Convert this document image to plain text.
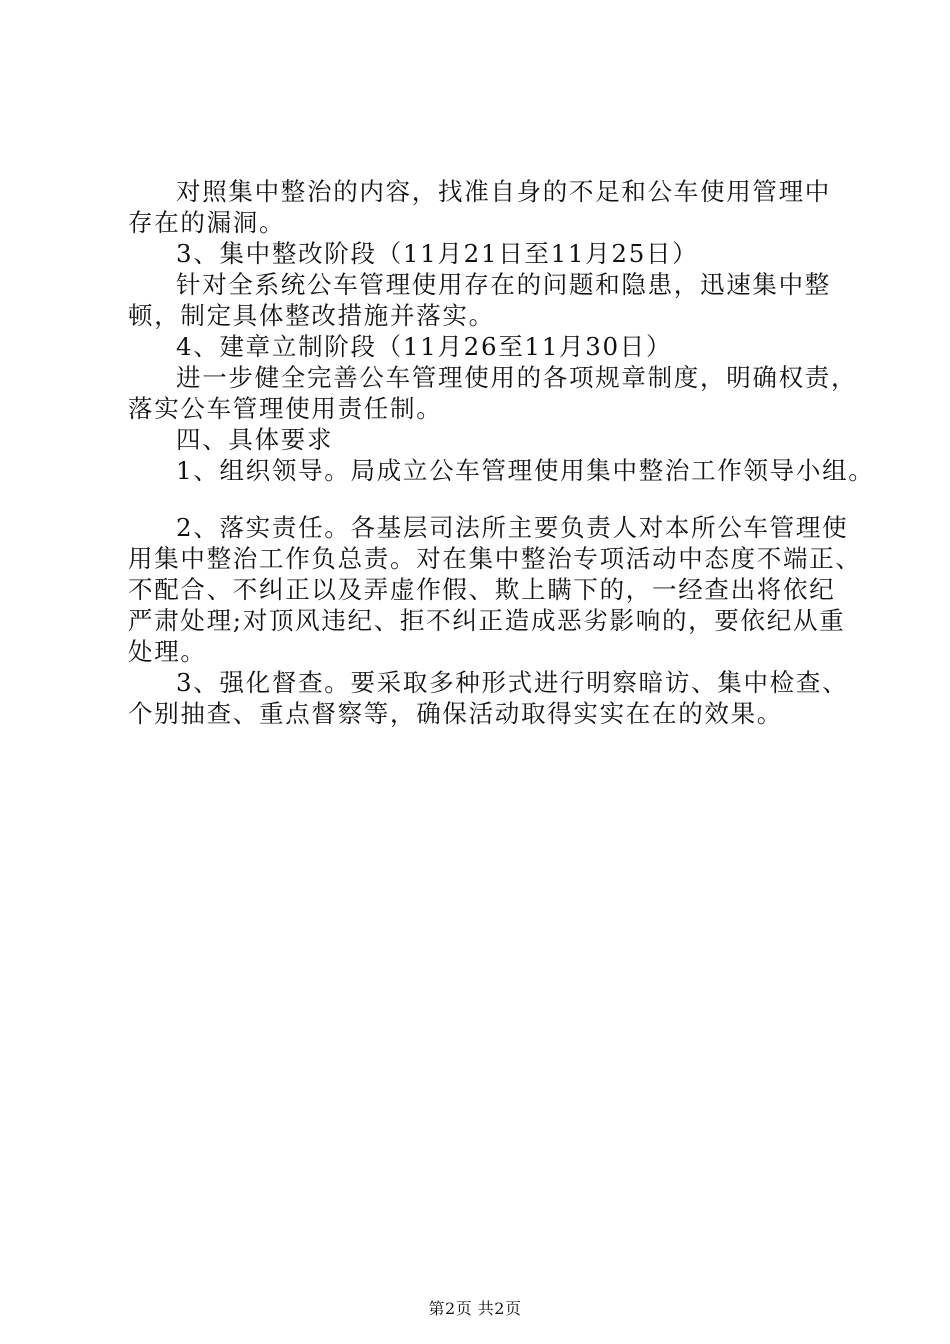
对照集中整治的内容，找准自身的不足和公车使用管理中
存在的漏洞。
3、集中整改阶段（11月21日至11月25日）
针对全系统公车管理使用存在的问题和隐患，迅速集中整
顿，制定具体整改措施并落实。
4、建章立制阶段（11月26至11月30日）
进一步健全完善公车管理使用的各项规章制度，明确权责，
落实公车管理使用责任制。
四、具体要求
1、组织领导。局成立公车管理使用集中整治工作领导小组。
2、落实责任。各基层司法所主要负责人对本所公车管理使
用集中整治工作负总责。对在集中整治专项活动中态度不端正、
不配合、不纠正以及弄虚作假、欺上瞒下的，一经查出将依纪
严肃处理;对顶风违纪、拒不纠正造成恶劣影响的，要依纪从重
处理。
3、强化督查。要采取多种形式进行明察暗访、集中检查、
个别抽查、重点督察等，确保活动取得实实在在的效果。
第2页 共2页
